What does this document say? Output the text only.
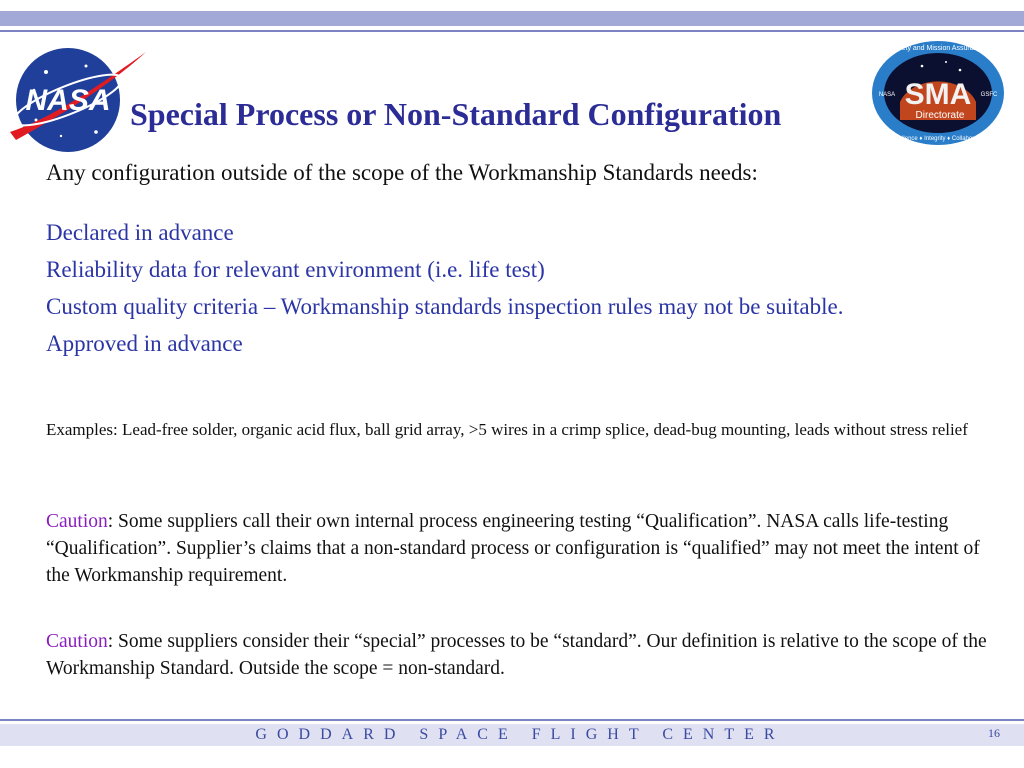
NASA Special Process or Non-Standard Configuration
Safety and Mission Assurance
SMA
Directorate
NASA	GSFC
Excellence ♦ Integrity ♦ Collaboration
Any configuration outside of the scope of the Workmanship Standards needs:
Declared in advance
Reliability data for relevant environment (i.e. life test)
Custom quality criteria – Workmanship standards inspection rules may not be suitable.
Approved in advance
Examples: Lead-free solder, organic acid flux, ball grid array, >5 wires in a crimp splice, dead-bug mounting, leads without stress relief
Caution: Some suppliers call their own internal process engineering testing “Qualification”. NASA calls life-testing “Qualification”. Supplier’s claims that a non-standard process or configuration is “qualified” may not meet the intent of the Workmanship requirement.
Caution: Some suppliers consider their “special” processes to be “standard”. Our definition is relative to the scope of the Workmanship Standard. Outside the scope = non-standard.
GODDARD SPACE FLIGHT CENTER	16
